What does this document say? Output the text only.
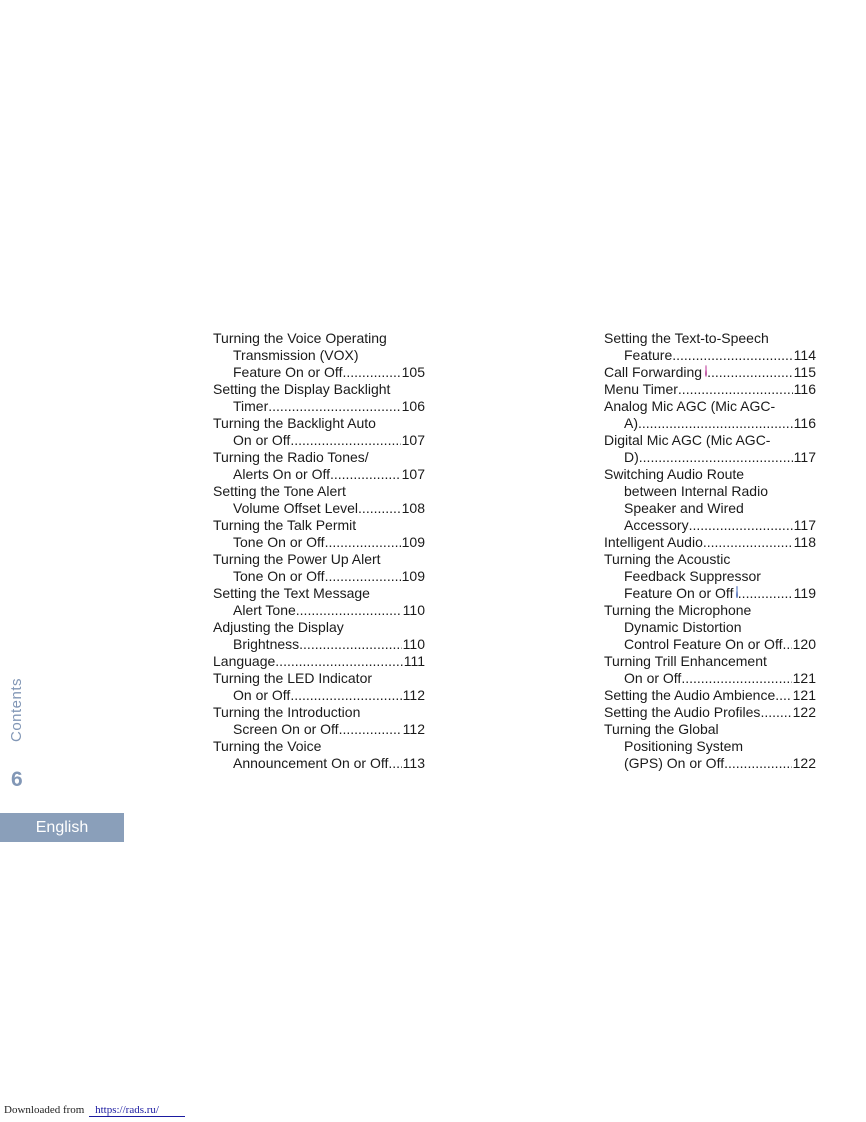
Turning the Voice Operating
Transmission (VOX)
Feature On or Off .....	105
Setting the Display Backlight
Timer .....	106
Turning the Backlight Auto
On or Off .....	107
Turning the Radio Tones/
Alerts On or Off .....	107
Setting the Tone Alert
Volume Offset Level .....	108
Turning the Talk Permit
Tone On or Off .....	109
Turning the Power Up Alert
Tone On or Off .....	109
Setting the Text Message
Alert Tone .....	110
Adjusting the Display
Brightness .....	110
Language .....	111
Turning the LED Indicator
On or Off .....	112
Turning the Introduction
Screen On or Off .....	112
Turning the Voice
Announcement On or Off ..... 113
Setting the Text-to-Speech
Feature .....	114
Call Forwarding .....	115
Menu Timer .....	116
Analog Mic AGC (Mic AGC-
A) .....	116
Digital Mic AGC (Mic AGC-
D) .....	117
Switching Audio Route
between Internal Radio
Speaker and Wired
Accessory .....	117
Intelligent Audio .....	118
Turning the Acoustic
Feedback Suppressor
Feature On or Off .....	119
Turning the Microphone
Dynamic Distortion
Control Feature On or Off. ..... 120
Turning Trill Enhancement
On or Off .....	121
Setting the Audio Ambience ..... 121
Setting the Audio Profiles ..... 122
Turning the Global
Positioning System
(GPS) On or Off .....	122
Contents
6
English
Downloaded from https://rads.ru/
